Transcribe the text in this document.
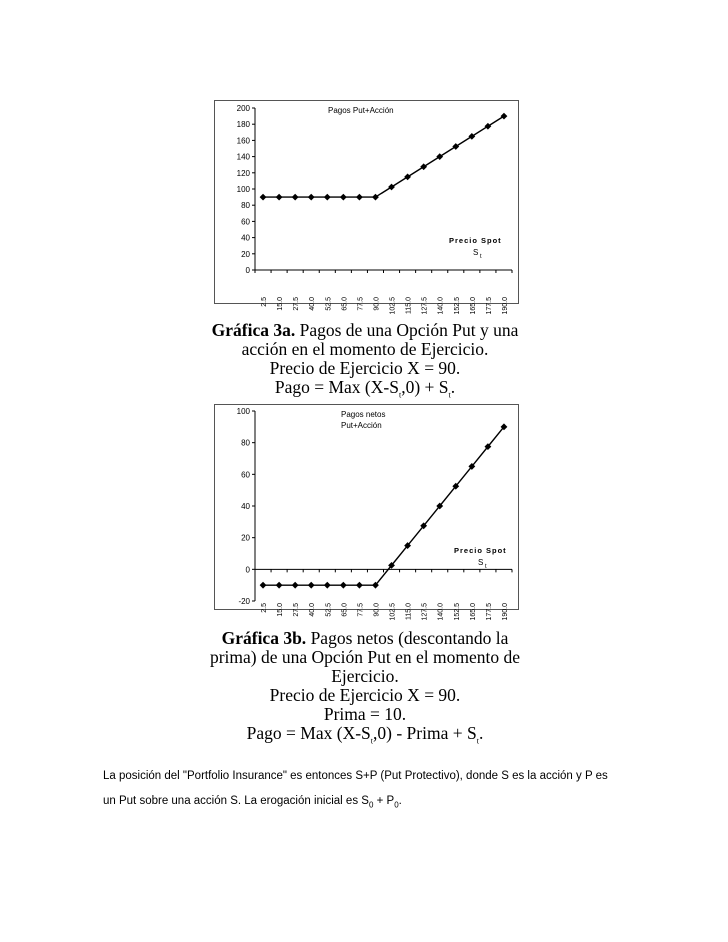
0
20
40
60
80
100
120
140
160
180
200
2.5 15.0 27.5 40.0 52.5 65.0 77.5 90.0 102.5 115.0 127.5 140.0 152.5 165.0 177.5 190.0
Pagos Put+Acción
Precio Spot
S t
Gráfica 3a. Pagos de una Opción Put y una
acción en el momento de Ejercicio.
Precio de Ejercicio X = 90.
Pago = Max $(X-S_t,0) + S_t$.
-20
0
20
40
60
80
100
2.5 15.0 27.5 40.0 52.5 65.0 77.5 90.0 102.5 115.0 127.5 140.0 152.5 165.0 177.5 190.0
Pagos netos
Put+Acción
Precio Spot
S t
Gráfica 3b. Pagos netos (descontando la
prima) de una Opción Put en el momento de
Ejercicio.
Precio de Ejercicio X = 90.
Prima = 10.
Pago = Max $(X-S_t,0)$ - Prima + $S_t$.
La posición del "Portfolio Insurance" es entonces S+P (Put Protectivo), donde S es la acción y P es
un Put sobre una acción S. La erogación inicial es $S_0 + P_0$.
